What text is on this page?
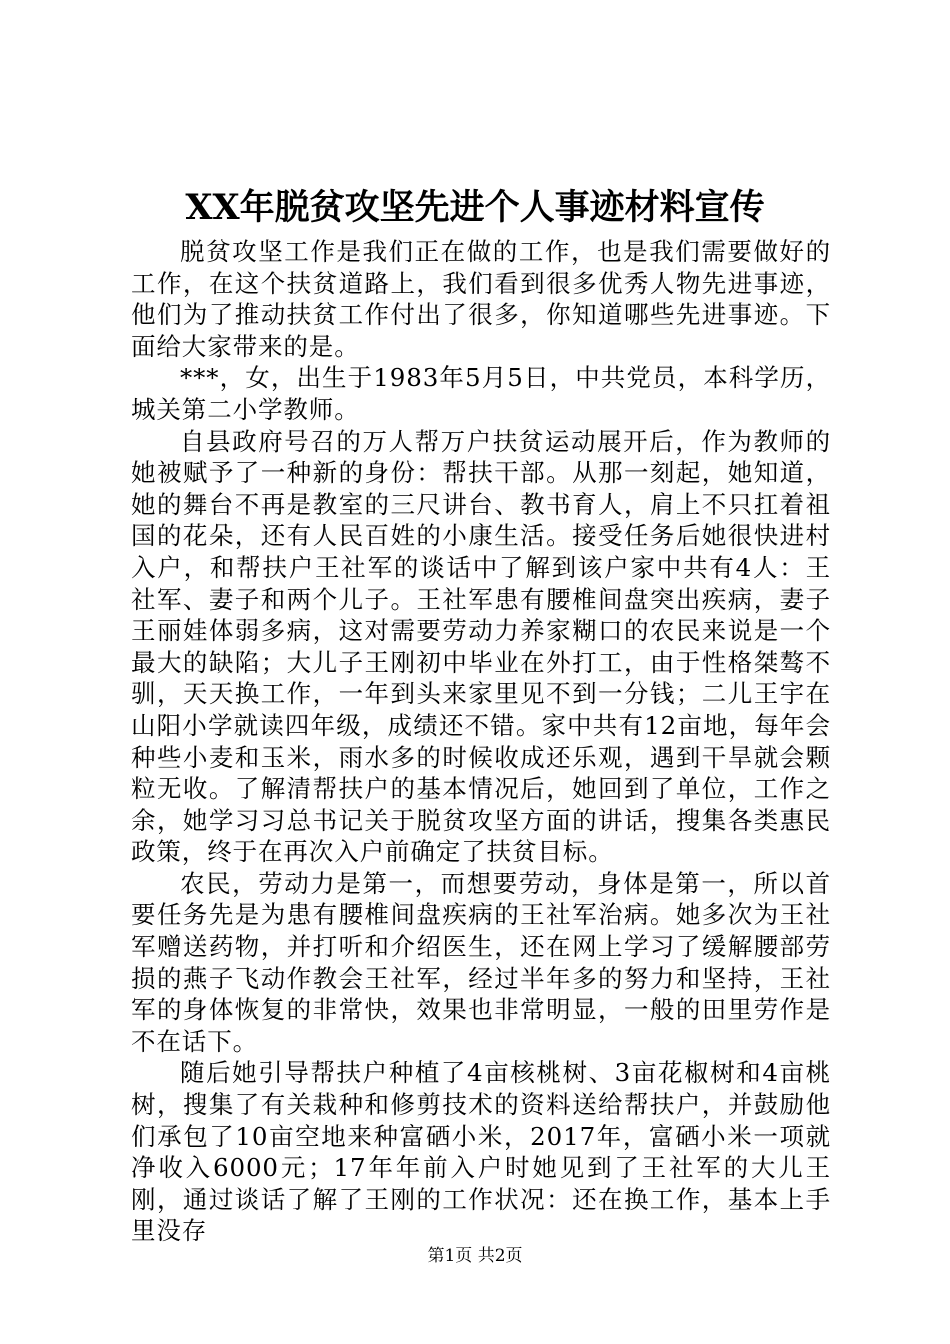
XX年脱贫攻坚先进个人事迹材料宣传

脱贫攻坚工作是我们正在做的工作，也是我们需要做好的工作，在这个扶贫道路上，我们看到很多优秀人物先进事迹，他们为了推动扶贫工作付出了很多，你知道哪些先进事迹。下面给大家带来的是。

***，女，出生于1983年5月5日，中共党员，本科学历，城关第二小学教师。

自县政府号召的万人帮万户扶贫运动展开后，作为教师的她被赋予了一种新的身份：帮扶干部。从那一刻起，她知道，她的舞台不再是教室的三尺讲台、教书育人，肩上不只扛着祖国的花朵，还有人民百姓的小康生活。接受任务后她很快进村入户，和帮扶户王社军的谈话中了解到该户家中共有4人：王社军、妻子和两个儿子。王社军患有腰椎间盘突出疾病，妻子王丽娃体弱多病，这对需要劳动力养家糊口的农民来说是一个最大的缺陷；大儿子王刚初中毕业在外打工，由于性格桀骜不驯，天天换工作，一年到头来家里见不到一分钱；二儿王宇在山阳小学就读四年级，成绩还不错。家中共有12亩地，每年会种些小麦和玉米，雨水多的时候收成还乐观，遇到干旱就会颗粒无收。了解清帮扶户的基本情况后，她回到了单位，工作之余，她学习习总书记关于脱贫攻坚方面的讲话，搜集各类惠民政策，终于在再次入户前确定了扶贫目标。

农民，劳动力是第一，而想要劳动，身体是第一，所以首要任务先是为患有腰椎间盘疾病的王社军治病。她多次为王社军赠送药物，并打听和介绍医生，还在网上学习了缓解腰部劳损的燕子飞动作教会王社军，经过半年多的努力和坚持，王社军的身体恢复的非常快，效果也非常明显，一般的田里劳作是不在话下。

随后她引导帮扶户种植了4亩核桃树、3亩花椒树和4亩桃树，搜集了有关栽种和修剪技术的资料送给帮扶户，并鼓励他们承包了10亩空地来种富硒小米，2017年，富硒小米一项就净收入6000元；17年年前入户时她见到了王社军的大儿王刚，通过谈话了解了王刚的工作状况：还在换工作，基本上手里没存

第1页 共2页
